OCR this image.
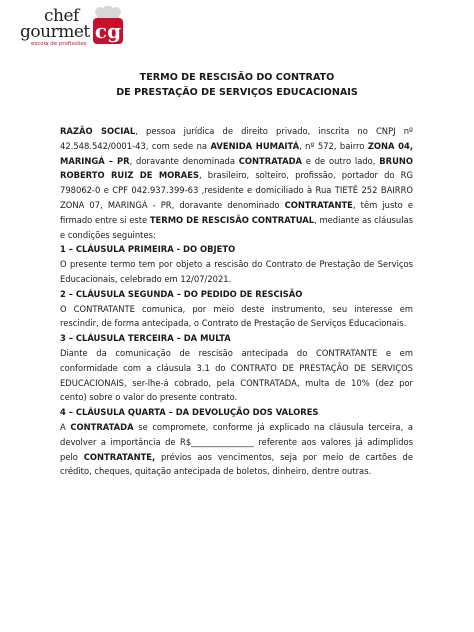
chef
gourmet cg
escola de profissões
TERMO DE RESCISÃO DO CONTRATO
DE PRESTAÇÃO DE SERVIÇOS EDUCACIONAIS

RAZÃO SOCIAL, pessoa jurídica de direito privado, inscrita no CNPJ nº 42.548.542/0001-43, com sede na AVENIDA HUMAITÁ, nº 572, bairro ZONA 04, MARINGÁ – PR, doravante denominada CONTRATADA e de outro lado, BRUNO ROBERTO RUIZ DE MORAES, brasileiro, solteiro, profissão, portador do RG 798062-0 e CPF 042.937.399-63 ,residente e domiciliado à Rua TIETÊ 252 BAIRRO ZONA 07, MARINGÁ - PR, doravante denominado CONTRATANTE, têm justo e firmado entre si este TERMO DE RESCISÃO CONTRATUAL, mediante as cláusulas e condições seguintes:

1 – CLÁUSULA PRIMEIRA - DO OBJETO

O presente termo tem por objeto a rescisão do Contrato de Prestação de Serviços Educacionais, celebrado em 12/07/2021.

2 – CLÁUSULA SEGUNDA – DO PEDIDO DE RESCISÃO

O CONTRATANTE comunica, por meio deste instrumento, seu interesse em rescindir, de forma antecipada, o Contrato de Prestação de Serviços Educacionais.

3 – CLÁUSULA TERCEIRA – DA MULTA

Diante da comunicação de rescisão antecipada do CONTRATANTE e em conformidade com a cláusula 3.1 do CONTRATO DE PRESTAÇÃO DE SERVIÇOS EDUCACIONAIS, ser-lhe-á cobrado, pela CONTRATADA, multa de 10% (dez por cento) sobre o valor do presente contrato.

4 – CLÁUSULA QUARTA – DA DEVOLUÇÃO DOS VALORES

A CONTRATADA se compromete, conforme já explicado na cláusula terceira, a devolver a importância de R$_______________ referente aos valores já adimplidos pelo CONTRATANTE, prévios aos vencimentos, seja por meio de cartões de crédito, cheques, quitação antecipada de boletos, dinheiro, dentre outras.
